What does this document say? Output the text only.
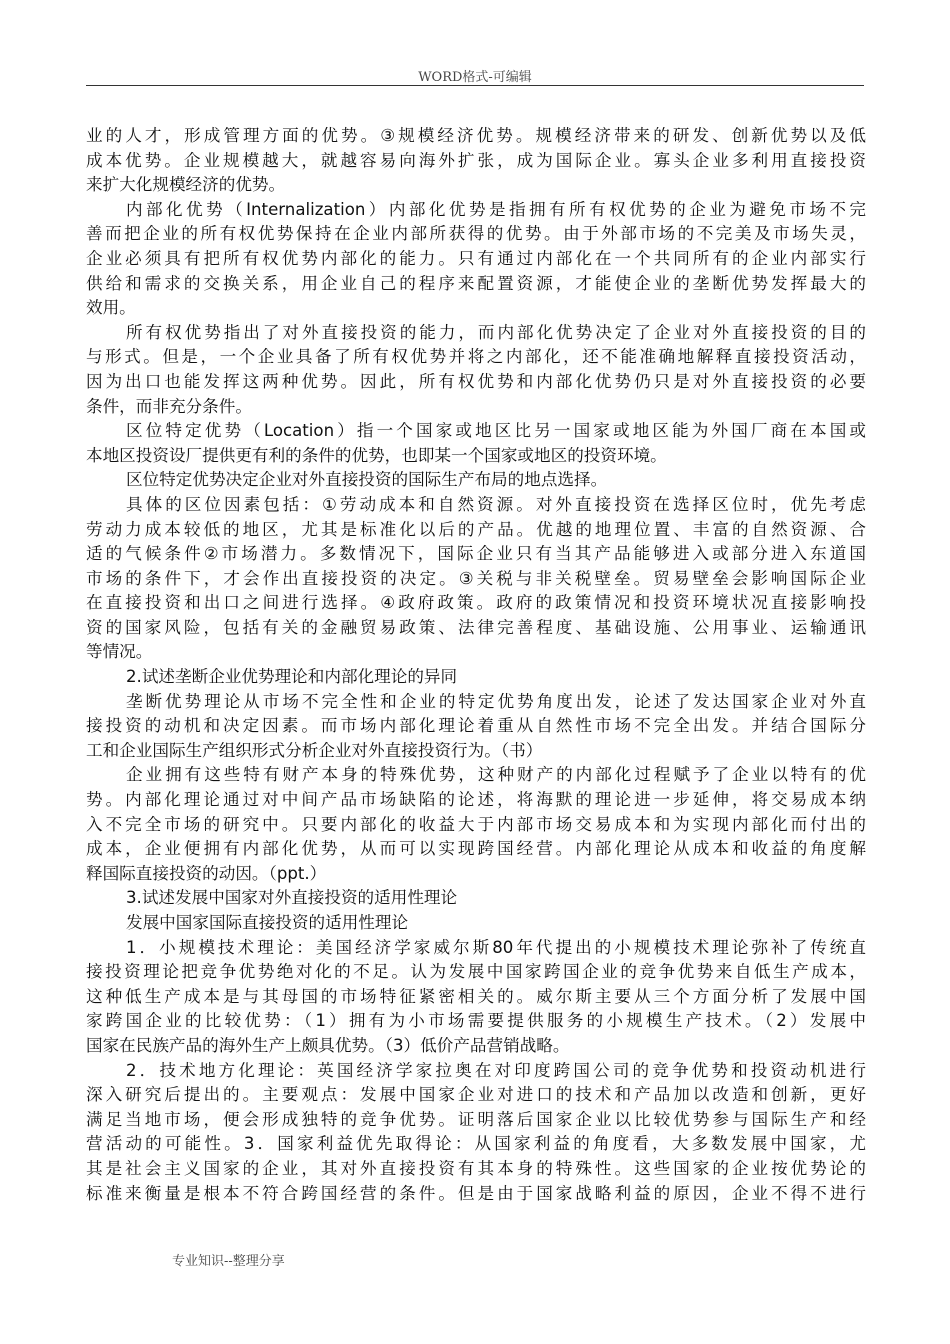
WORD格式-可编辑
业的人才，形成管理方面的优势。③规模经济优势。规模经济带来的研发、创新优势以及低
成本优势。企业规模越大，就越容易向海外扩张，成为国际企业。寡头企业多利用直接投资
来扩大化规模经济的优势。
内部化优势（Internalization）内部化优势是指拥有所有权优势的企业为避免市场不完
善而把企业的所有权优势保持在企业内部所获得的优势。由于外部市场的不完美及市场失灵，
企业必须具有把所有权优势内部化的能力。只有通过内部化在一个共同所有的企业内部实行
供给和需求的交换关系，用企业自己的程序来配置资源，才能使企业的垄断优势发挥最大的
效用。
所有权优势指出了对外直接投资的能力，而内部化优势决定了企业对外直接投资的目的
与形式。但是，一个企业具备了所有权优势并将之内部化，还不能准确地解释直接投资活动，
因为出口也能发挥这两种优势。因此，所有权优势和内部化优势仍只是对外直接投资的必要
条件，而非充分条件。
区位特定优势（Location）指一个国家或地区比另一国家或地区能为外国厂商在本国或
本地区投资设厂提供更有利的条件的优势，也即某一个国家或地区的投资环境。
区位特定优势决定企业对外直接投资的国际生产布局的地点选择。
具体的区位因素包括：①劳动成本和自然资源。对外直接投资在选择区位时，优先考虑
劳动力成本较低的地区，尤其是标准化以后的产品。优越的地理位置、丰富的自然资源、合
适的气候条件②市场潜力。多数情况下，国际企业只有当其产品能够进入或部分进入东道国
市场的条件下，才会作出直接投资的决定。③关税与非关税壁垒。贸易壁垒会影响国际企业
在直接投资和出口之间进行选择。④政府政策。政府的政策情况和投资环境状况直接影响投
资的国家风险，包括有关的金融贸易政策、法律完善程度、基础设施、公用事业、运输通讯
等情况。
2.试述垄断企业优势理论和内部化理论的异同
垄断优势理论从市场不完全性和企业的特定优势角度出发，论述了发达国家企业对外直
接投资的动机和决定因素。而市场内部化理论着重从自然性市场不完全出发。并结合国际分
工和企业国际生产组织形式分析企业对外直接投资行为。（书）
企业拥有这些特有财产本身的特殊优势，这种财产的内部化过程赋予了企业以特有的优
势。内部化理论通过对中间产品市场缺陷的论述，将海默的理论进一步延伸，将交易成本纳
入不完全市场的研究中。只要内部化的收益大于内部市场交易成本和为实现内部化而付出的
成本，企业便拥有内部化优势，从而可以实现跨国经营。内部化理论从成本和收益的角度解
释国际直接投资的动因。（ppt.）
3.试述发展中国家对外直接投资的适用性理论
发展中国家国际直接投资的适用性理论
1．小规模技术理论：美国经济学家威尔斯80年代提出的小规模技术理论弥补了传统直
接投资理论把竞争优势绝对化的不足。认为发展中国家跨国企业的竞争优势来自低生产成本，
这种低生产成本是与其母国的市场特征紧密相关的。威尔斯主要从三个方面分析了发展中国
家跨国企业的比较优势：（1）拥有为小市场需要提供服务的小规模生产技术。（2）发展中
国家在民族产品的海外生产上颇具优势。（3）低价产品营销战略。
2．技术地方化理论：英国经济学家拉奥在对印度跨国公司的竞争优势和投资动机进行
深入研究后提出的。主要观点：发展中国家企业对进口的技术和产品加以改造和创新，更好
满足当地市场，便会形成独特的竞争优势。证明落后国家企业以比较优势参与国际生产和经
营活动的可能性。3．国家利益优先取得论：从国家利益的角度看，大多数发展中国家，尤
其是社会主义国家的企业，其对外直接投资有其本身的特殊性。这些国家的企业按优势论的
标准来衡量是根本不符合跨国经营的条件。但是由于国家战略利益的原因，企业不得不进行
专业知识--整理分享
